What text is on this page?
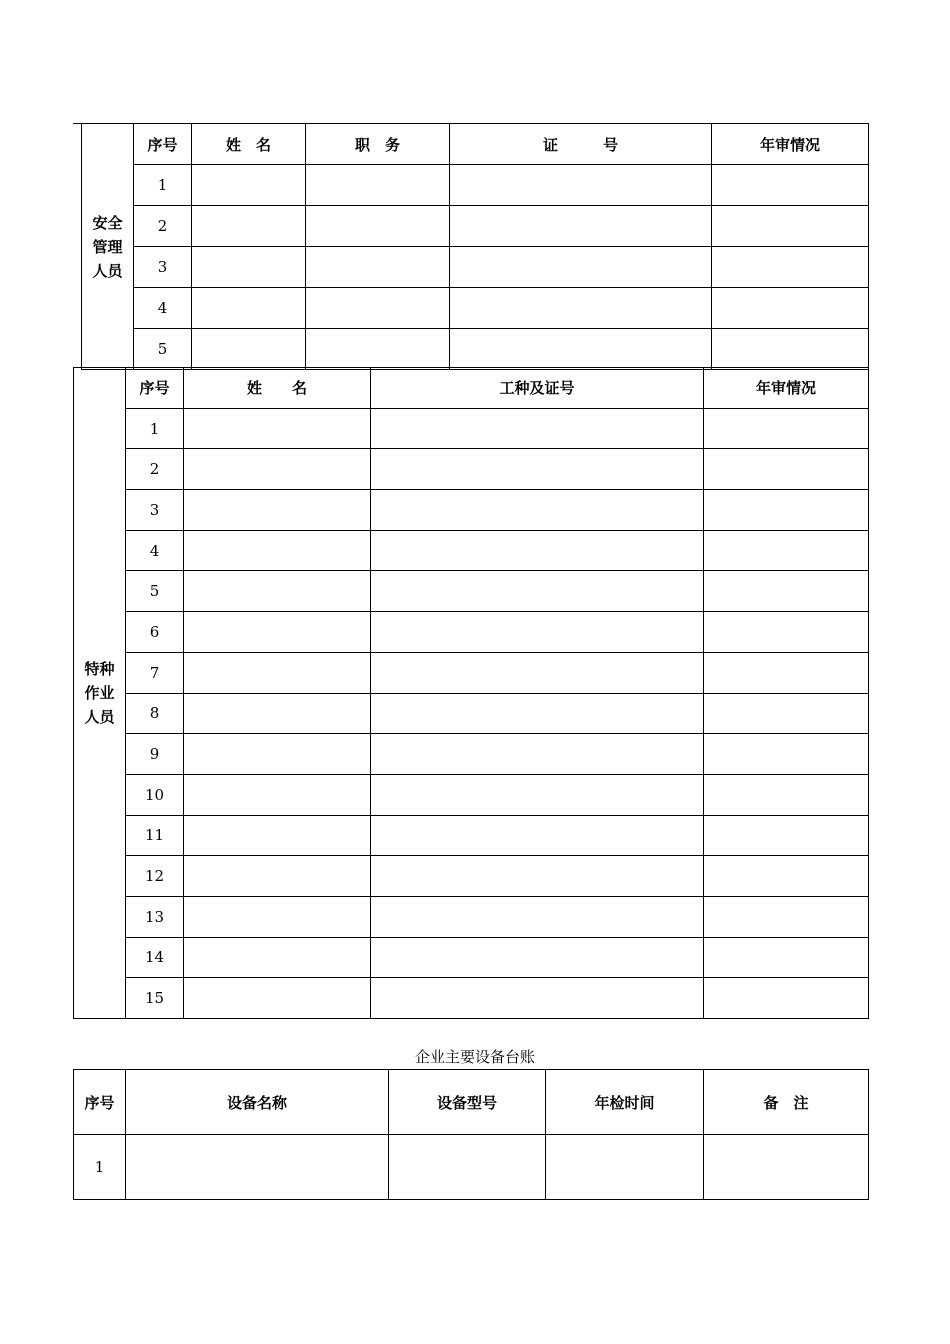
安全
管理
人员	序号	姓　名	职　务	证　　　号	年审情况
	1				
	2				
	3				
	4				
	5				
特种
作业
人员	序号	姓　　名	工种及证号	年审情况
	1			
	2			
	3			
	4			
	5			
	6			
	7			
	8			
	9			
	10			
	11			
	12			
	13			
	14			
	15			
企业主要设备台账
序号	设备名称	设备型号	年检时间	备　注
1				
